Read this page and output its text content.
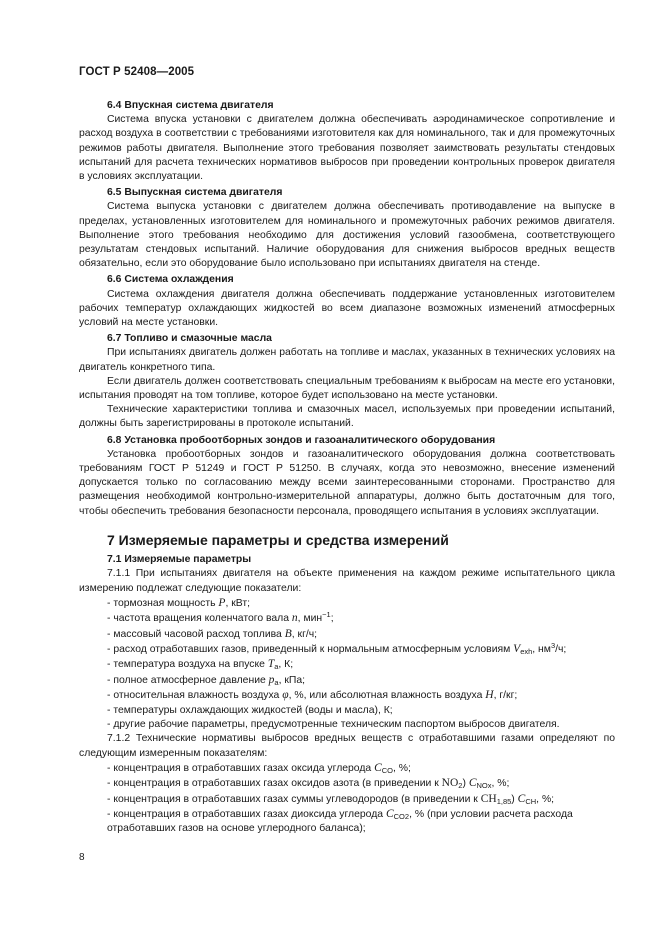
ГОСТ Р 52408—2005
6.4 Впускная система двигателя

Система впуска установки с двигателем должна обеспечивать аэродинамическое сопротивление и расход воздуха в соответствии с требованиями изготовителя как для номинального, так и для промежуточных режимов работы двигателя. Выполнение этого требования позволяет заимствовать результаты стендовых испытаний для расчета технических нормативов выбросов при проведении контрольных проверок двигателя в условиях эксплуатации.

6.5 Выпускная система двигателя

Система выпуска установки с двигателем должна обеспечивать противодавление на выпуске в пределах, установленных изготовителем для номинального и промежуточных рабочих режимов двигателя. Выполнение этого требования необходимо для достижения условий газообмена, соответствующего результатам стендовых испытаний. Наличие оборудования для снижения выбросов вредных веществ обязательно, если это оборудование было использовано при испытаниях двигателя на стенде.

6.6 Система охлаждения

Система охлаждения двигателя должна обеспечивать поддержание установленных изготовителем рабочих температур охлаждающих жидкостей во всем диапазоне возможных изменений атмосферных условий на месте установки.

6.7 Топливо и смазочные масла

При испытаниях двигатель должен работать на топливе и маслах, указанных в технических условиях на двигатель конкретного типа.

Если двигатель должен соответствовать специальным требованиям к выбросам на месте его установки, испытания проводят на том топливе, которое будет использовано на месте установки.

Технические характеристики топлива и смазочных масел, используемых при проведении испытаний, должны быть зарегистрированы в протоколе испытаний.

6.8 Установка пробоотборных зондов и газоаналитического оборудования

Установка пробоотборных зондов и газоаналитического оборудования должна соответствовать требованиям ГОСТ Р 51249 и ГОСТ Р 51250. В случаях, когда это невозможно, внесение изменений допускается только по согласованию между всеми заинтересованными сторонами. Пространство для размещения необходимой контрольно-измерительной аппаратуры, должно быть достаточным для того, чтобы обеспечить требования безопасности персонала, проводящего испытания в условиях эксплуатации.

7 Измеряемые параметры и средства измерений
7.1 Измеряемые параметры

7.1.1 При испытаниях двигателя на объекте применения на каждом режиме испытательного цикла измерению подлежат следующие показатели:

- тормозная мощность P, кВт;
- частота вращения коленчатого вала n, мин$^{-1}$;
- массовый часовой расход топлива B, кг/ч;
- расход отработавших газов, приведенный к нормальным атмосферным условиям $V_{exh}$, $нм^3/ч$;
- температура воздуха на впуске $T_a$, К;
- полное атмосферное давление $p_a$, кПа;
- относительная влажность воздуха φ, %, или абсолютная влажность воздуха H, г/кг;
- температуры охлаждающих жидкостей (воды и масла), К;
- другие рабочие параметры, предусмотренные техническим паспортом выбросов двигателя.

7.1.2 Технические нормативы выбросов вредных веществ с отработавшими газами определяют по следующим измеренным показателям:

- концентрация в отработавших газах оксида углерода $C_{CO}$, %;
- концентрация в отработавших газах оксидов азота (в приведении к $NO_2$) $C_{NOx}$, %;
- концентрация в отработавших газах суммы углеводородов (в приведении к $CH_{1,85}$) $C_{CH}$, %;
- концентрация в отработавших газах диоксида углерода $C_{CO2}$, % (при условии расчета расхода отработавших газов на основе углеродного баланса);
8
